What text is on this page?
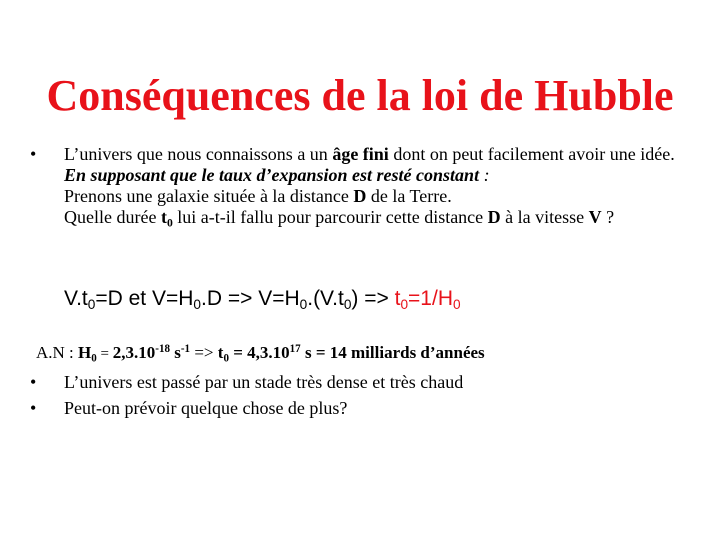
Conséquences de la loi de Hubble
•	L’univers que nous connaissons a un âge fini dont on peut facilement avoir une idée.
En supposant que le taux d’expansion est resté constant :
Prenons une galaxie située à la distance D de la Terre.
Quelle durée $t_0$ lui a-t-il fallu pour parcourir cette distance D à la vitesse V ?
$V.t_0=D$ et $V=H_0.D => V=H_0.(V.t_0) => t_0=1/H_0$
A.N : $H_0 = 2,3.10^{-18}$ $s^{-1} => t_0 = 4,3.10^{17}$ s = 14 milliards d’années
•	L’univers est passé par un stade très dense et très chaud
•	Peut-on prévoir quelque chose de plus?
